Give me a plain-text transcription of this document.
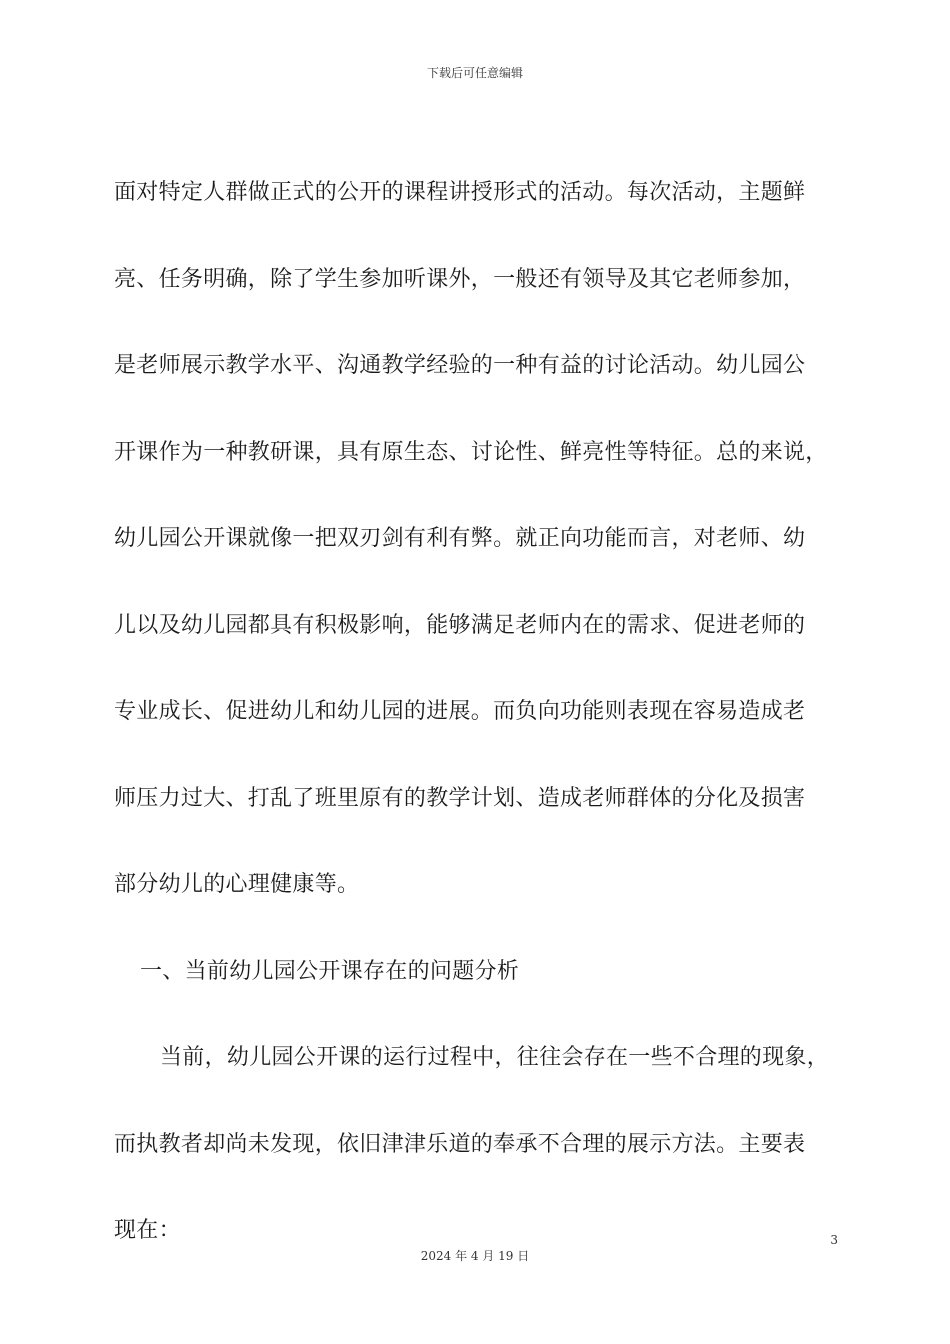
下载后可任意编辑
面对特定人群做正式的公开的课程讲授形式的活动。每次活动，主题鲜
亮、任务明确，除了学生参加听课外，一般还有领导及其它老师参加，
是老师展示教学水平、沟通教学经验的一种有益的讨论活动。幼儿园公
开课作为一种教研课，具有原生态、讨论性、鲜亮性等特征。总的来说，
幼儿园公开课就像一把双刃剑有利有弊。就正向功能而言，对老师、幼
儿以及幼儿园都具有积极影响，能够满足老师内在的需求、促进老师的
专业成长、促进幼儿和幼儿园的进展。而负向功能则表现在容易造成老
师压力过大、打乱了班里原有的教学计划、造成老师群体的分化及损害
部分幼儿的心理健康等。
一、当前幼儿园公开课存在的问题分析
当前，幼儿园公开课的运行过程中，往往会存在一些不合理的现象，
而执教者却尚未发现，依旧津津乐道的奉承不合理的展示方法。主要表
现在：	3
2024 年 4 月 19 日
